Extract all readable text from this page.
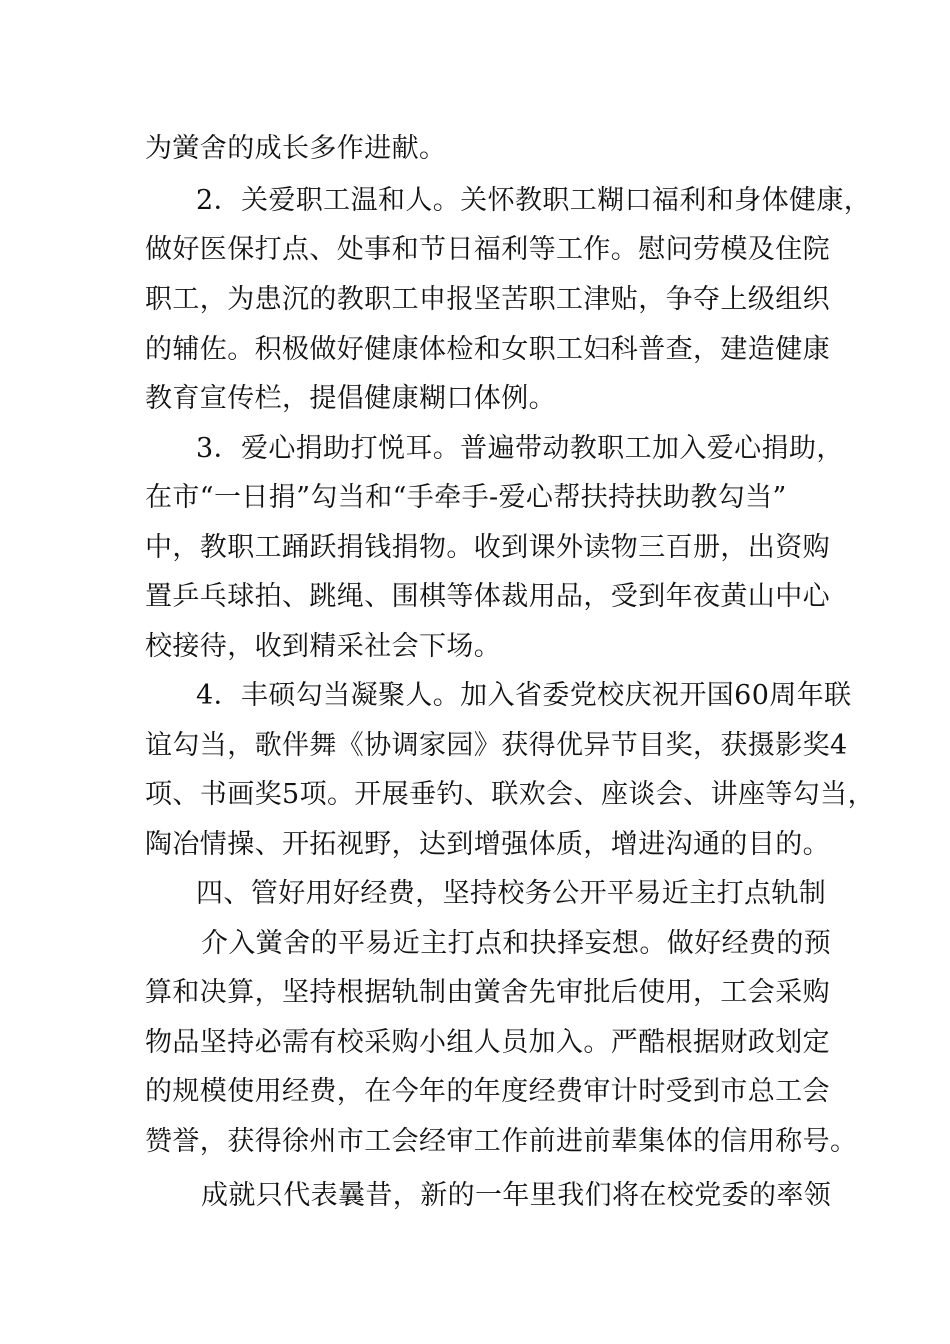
为黉舍的成长多作进献。
2．关爱职工温和人。关怀教职工糊口福利和身体健康，
做好医保打点、处事和节日福利等工作。慰问劳模及住院
职工，为患沉的教职工申报坚苦职工津贴，争夺上级组织
的辅佐。积极做好健康体检和女职工妇科普查，建造健康
教育宣传栏，提倡健康糊口体例。
3．爱心捐助打悦耳。普遍带动教职工加入爱心捐助，
在市“一日捐”勾当和“手牵手-爱心帮扶持扶助教勾当”
中，教职工踊跃捐钱捐物。收到课外读物三百册，出资购
置乒乓球拍、跳绳、围棋等体裁用品，受到年夜黄山中心
校接待，收到精采社会下场。
4．丰硕勾当凝聚人。加入省委党校庆祝开国60周年联
谊勾当，歌伴舞《协调家园》获得优异节目奖，获摄影奖4
项、书画奖5项。开展垂钓、联欢会、座谈会、讲座等勾当，
陶冶情操、开拓视野，达到增强体质，增进沟通的目的。
四、管好用好经费，坚持校务公开平易近主打点轨制
介入黉舍的平易近主打点和抉择妄想。做好经费的预
算和决算，坚持根据轨制由黉舍先审批后使用，工会采购
物品坚持必需有校采购小组人员加入。严酷根据财政划定
的规模使用经费，在今年的年度经费审计时受到市总工会
赞誉，获得徐州市工会经审工作前进前辈集体的信用称号。
成就只代表曩昔，新的一年里我们将在校党委的率领
